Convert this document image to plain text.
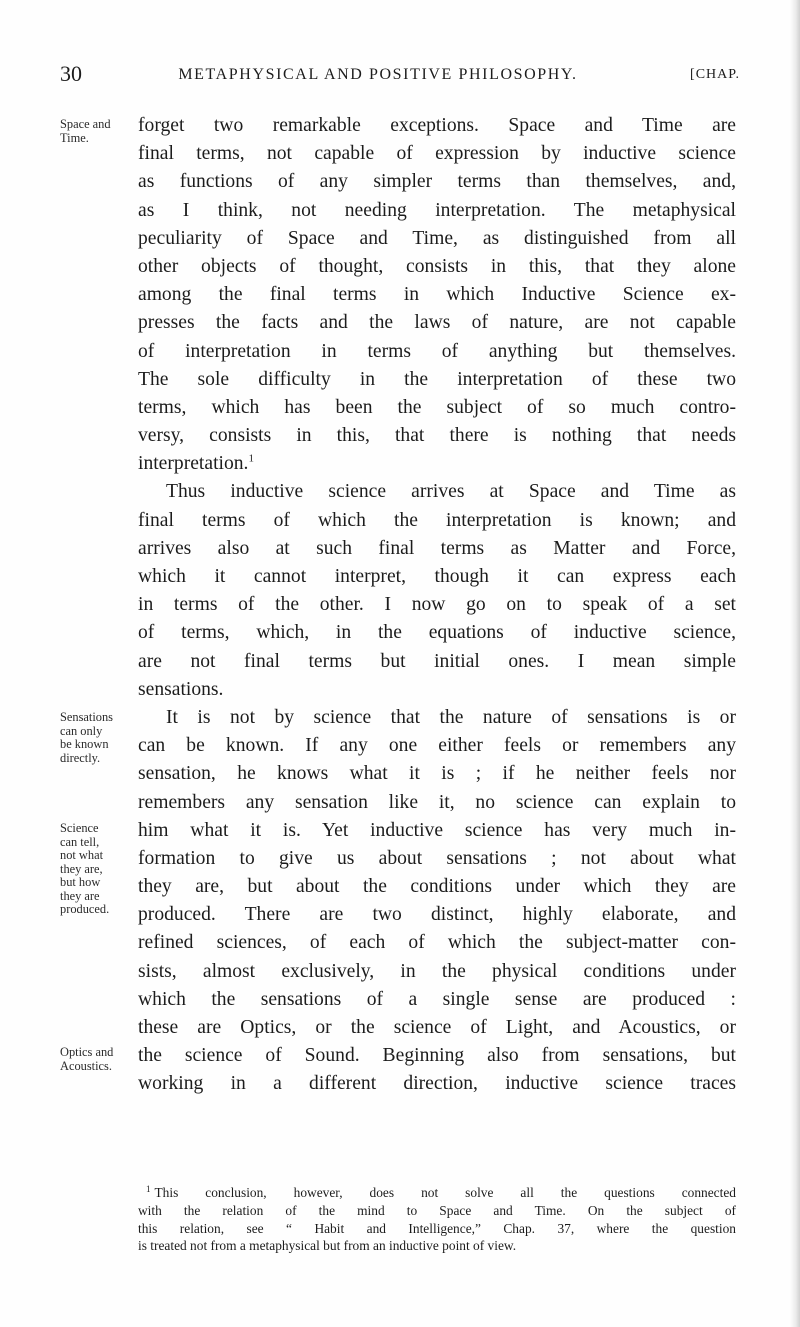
30	METAPHYSICAL AND POSITIVE PHILOSOPHY.	[CHAP.
Space and
Time.
Sensations
can only
be known
directly.
Science
can tell,
not what
they are,
but how
they are
produced.
Optics and
Acoustics.
forget two remarkable exceptions. Space and Time are
final terms, not capable of expression by inductive science
as functions of any simpler terms than themselves, and,
as I think, not needing interpretation. The metaphysical
peculiarity of Space and Time, as distinguished from all
other objects of thought, consists in this, that they alone
among the final terms in which Inductive Science ex-
presses the facts and the laws of nature, are not capable
of interpretation in terms of anything but themselves.
The sole difficulty in the interpretation of these two
terms, which has been the subject of so much contro-
versy, consists in this, that there is nothing that needs
interpretation.$^1$
Thus inductive science arrives at Space and Time as
final terms of which the interpretation is known; and
arrives also at such final terms as Matter and Force,
which it cannot interpret, though it can express each
in terms of the other. I now go on to speak of a set
of terms, which, in the equations of inductive science,
are not final terms but initial ones. I mean simple
sensations.
It is not by science that the nature of sensations is or
can be known. If any one either feels or remembers any
sensation, he knows what it is ; if he neither feels nor
remembers any sensation like it, no science can explain to
him what it is. Yet inductive science has very much in-
formation to give us about sensations ; not about what
they are, but about the conditions under which they are
produced. There are two distinct, highly elaborate, and
refined sciences, of each of which the subject-matter con-
sists, almost exclusively, in the physical conditions under
which the sensations of a single sense are produced :
these are Optics, or the science of Light, and Acoustics, or
the science of Sound. Beginning also from sensations, but
working in a different direction, inductive science traces
$^1$ This conclusion, however, does not solve all the questions connected
with the relation of the mind to Space and Time. On the subject of
this relation, see “ Habit and Intelligence,” Chap. 37, where the question
is treated not from a metaphysical but from an inductive point of view.
